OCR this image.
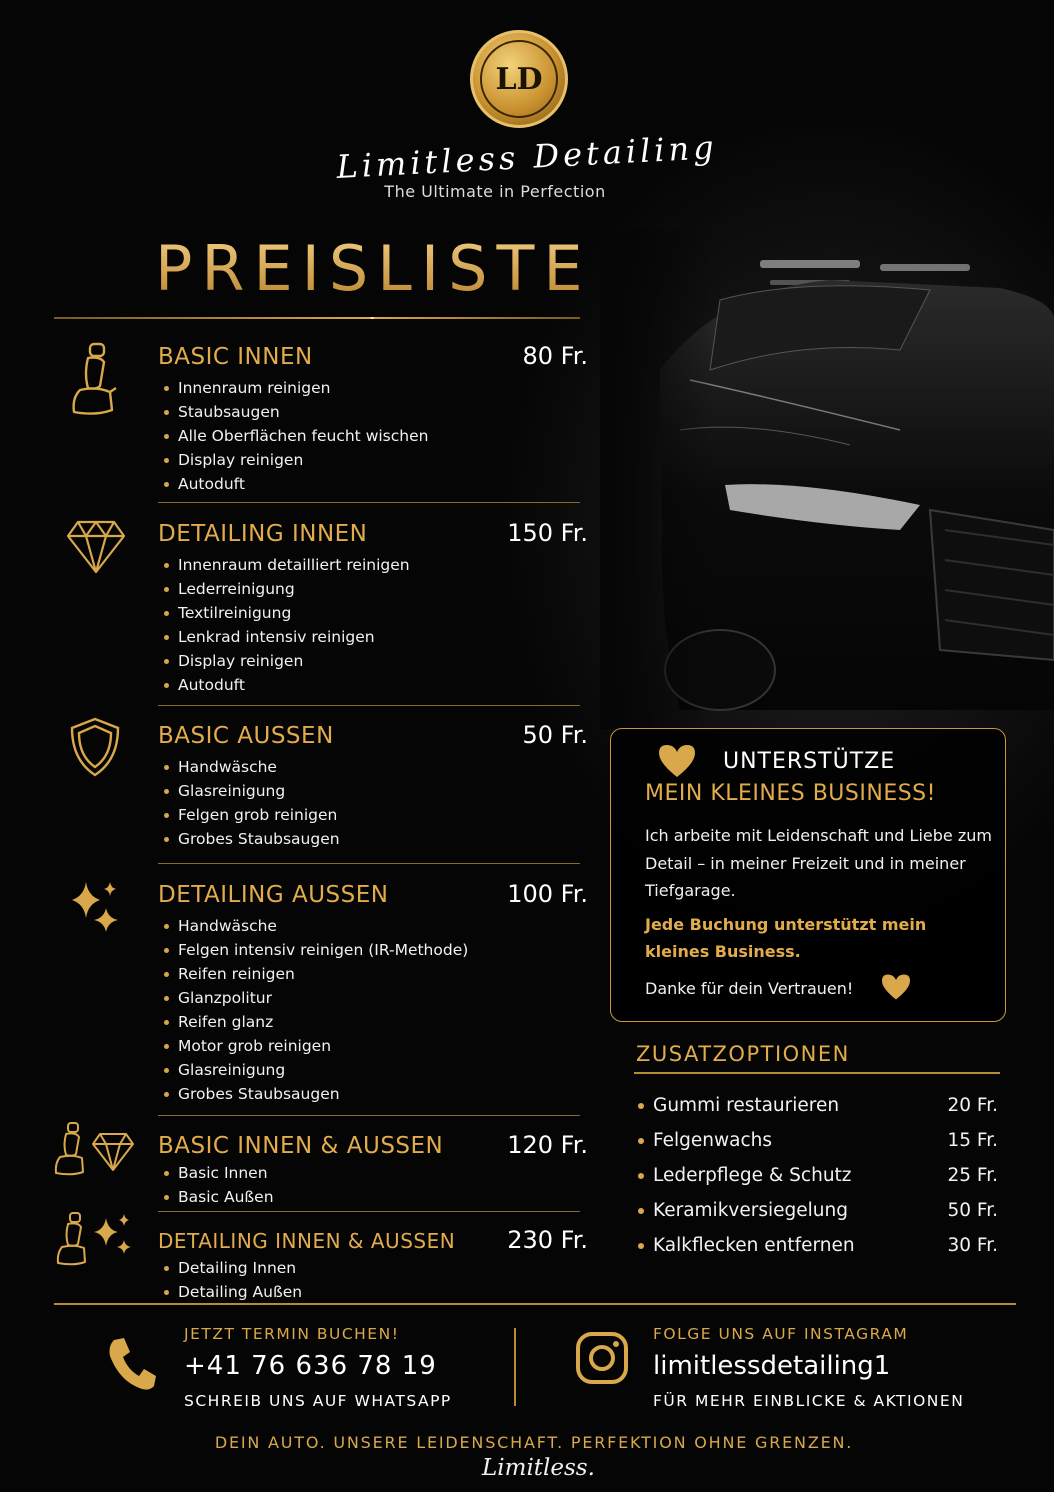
LD
Limitless Detailing
The Ultimate in Perfection
PREISLISTE
BASIC INNEN	80 Fr.
Innenraum reinigen
Staubsaugen
Alle Oberflächen feucht wischen
Display reinigen
Autoduft
DETAILING INNEN	150 Fr.
Innenraum detailliert reinigen
Lederreinigung
Textilreinigung
Lenkrad intensiv reinigen
Display reinigen
Autoduft
BASIC AUSSEN	50 Fr.
Handwäsche
Glasreinigung
Felgen grob reinigen
Grobes Staubsaugen
DETAILING AUSSEN	100 Fr.
Handwäsche
Felgen intensiv reinigen (IR-Methode)
Reifen reinigen
Glanzpolitur
Reifen glanz
Motor grob reinigen
Glasreinigung
Grobes Staubsaugen
BASIC INNEN & AUSSEN	120 Fr.
Basic Innen
Basic Außen
DETAILING INNEN & AUSSEN 230 Fr.
Detailing Innen
Detailing Außen
UNTERSTÜTZE
MEIN KLEINES BUSINESS!
Ich arbeite mit Leidenschaft und Liebe zum Detail – in meiner Freizeit und in meiner Tiefgarage.
Jede Buchung unterstützt mein kleines Business.
Danke für dein Vertrauen!
ZUSATZOPTIONEN
Gummi restaurieren	20 Fr.
Felgenwachs	15 Fr.
Lederpflege & Schutz	25 Fr.
Keramikversiegelung	50 Fr.
Kalkflecken entfernen	30 Fr.
JETZT TERMIN BUCHEN!
+41 76 636 78 19
SCHREIB UNS AUF WHATSAPP
FOLGE UNS AUF INSTAGRAM
limitlessdetailing1
FÜR MEHR EINBLICKE & AKTIONEN
DEIN AUTO. UNSERE LEIDENSCHAFT. PERFEKTION OHNE GRENZEN.
Limitless.
